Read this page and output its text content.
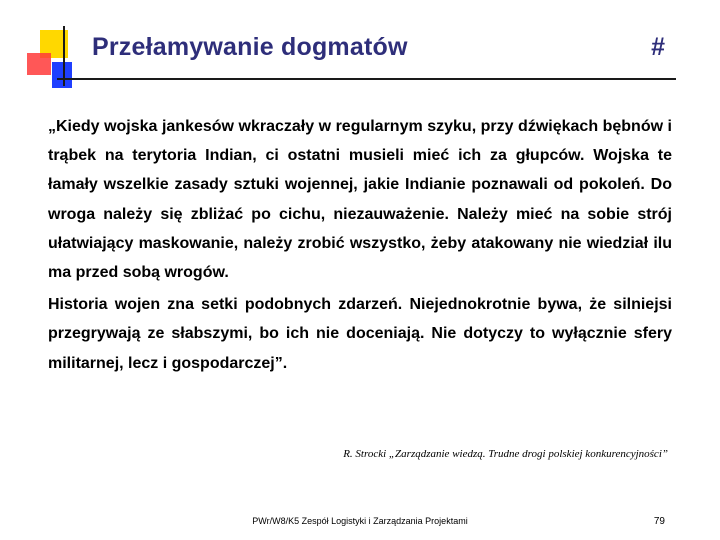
Przełamywanie dogmatów	#

„Kiedy wojska jankesów wkraczały w regularnym szyku, przy dźwiękach bębnów i trąbek na terytoria Indian, ci ostatni musieli mieć ich za głupców. Wojska te łamały wszelkie zasady sztuki wojennej, jakie Indianie poznawali od pokoleń. Do wroga należy się zbliżać po cichu, niezauważenie. Należy mieć na sobie strój ułatwiający maskowanie, należy zrobić wszystko, żeby atakowany nie wiedział ilu ma przed sobą wrogów.

Historia wojen zna setki podobnych zdarzeń. Niejednokrotnie bywa, że silniejsi przegrywają ze słabszymi, bo ich nie doceniają. Nie dotyczy to wyłącznie sfery militarnej, lecz i gospodarczej”.

R. Strocki „Zarządzanie wiedzą. Trudne drogi polskiej konkurencyjności”
PWr/W8/K5 Zespół Logistyki i Zarządzania Projektami	79
